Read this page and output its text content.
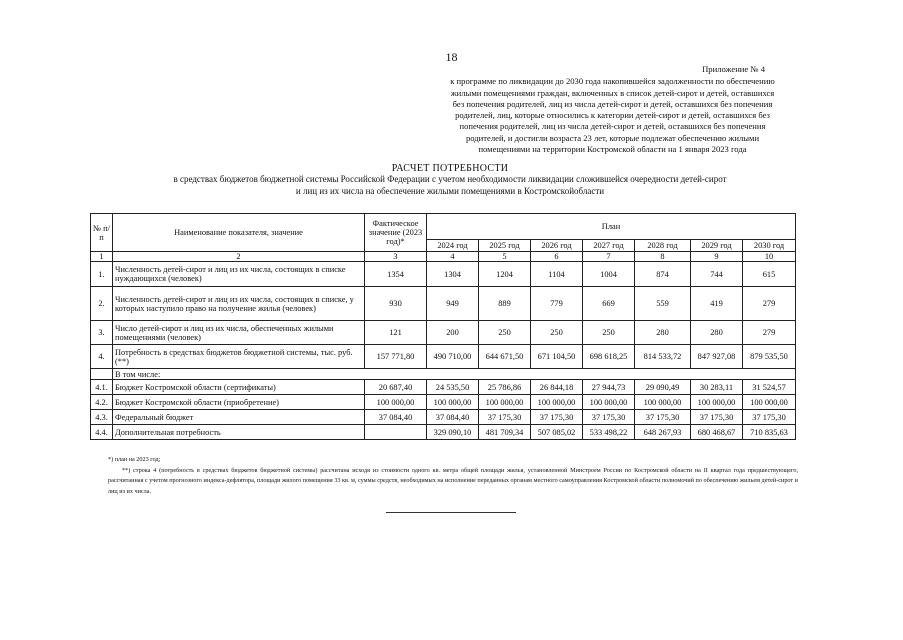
18
Приложение № 4
к программе по ликвидации до 2030 года накопившейся задолженности по обеспечению
жилыми помещениями граждан, включенных в список детей-сирот и детей, оставшихся
без попечения родителей, лиц из числа детей-сирот и детей, оставшихся без попечения
родителей, лиц, которые относились к категории детей-сирот и детей, оставшихся без
попечения родителей, лиц из числа детей-сирот и детей, оставшихся без попечения
родителей, и достигли возраста 23 лет, которые подлежат обеспечению жилыми
помещениями на территории Костромской области на 1 января 2023 года
РАСЧЕТ ПОТРЕБНОСТИ
в средствах бюджетов бюджетной системы Российской Федерации с учетом необходимости ликвидации сложившейся очередности детей-сирот
и лиц из их числа на обеспечение жилыми помещениями в Костромскойобласти
№ п/п	Наименование показателя, значение	Фактическое значение (2023 год)*	План						
			2024 год	2025 год	2026 год	2027 год	2028 год	2029 год	2030 год
1	2	3	4	5	6	7	8	9	10
1.	Численность детей-сирот и лиц из их числа, состоящих в списке нуждающихся (человек)	1354	1304	1204	1104	1004	874	744	615
2.	Численность детей-сирот и лиц из их числа, состоящих в списке, у которых наступило право на получение жилья (человек)	930	949	889	779	669	559	419	279
3.	Число детей-сирот и лиц из их числа, обеспеченных жилыми помещениями (человек)	121	200	250	250	250	280	280	279
4.	Потребность в средствах бюджетов бюджетной системы, тыс. руб. (**)	157 771,80	490 710,00	644 671,50	671 104,50	698 618,25	814 533,72	847 927,08	879 535,50
	В том числе:								
4.1.	Бюджет Костромской области (сертификаты)	20 687,40	24 535,50	25 786,86	26 844,18	27 944,73	29 090,49	30 283,11	31 524,57
4.2.	Бюджет Костромской области (приобретение)	100 000,00	100 000,00	100 000,00	100 000,00	100 000,00	100 000,00	100 000,00	100 000,00
4.3.	Федеральный бюджет	37 084,40	37 084,40	37 175,30	37 175,30	37 175,30	37 175,30	37 175,30	37 175,30
4.4.	Дополнительная потребность		329 090,10	481 709,34	507 085,02	533 498,22	648 267,93	680 468,67	710 835,63
*) план на 2023 год;
**) строка 4 (потребность в средствах бюджетов бюджетной системы) рассчитана исходя из стоимости одного кв. метра общей площади жилья, установленной Минстроем России по Костромской области на II квартал года предшествующего, рассчитанная с учетом прогнозного индекса-дефлятора, площади жилого помещения 33 кв. м, суммы средств, необходимых на исполнение переданных органам местного самоуправления Костромской области полномочий по обеспечению жильем детей-сирот и лиц из их числа.
